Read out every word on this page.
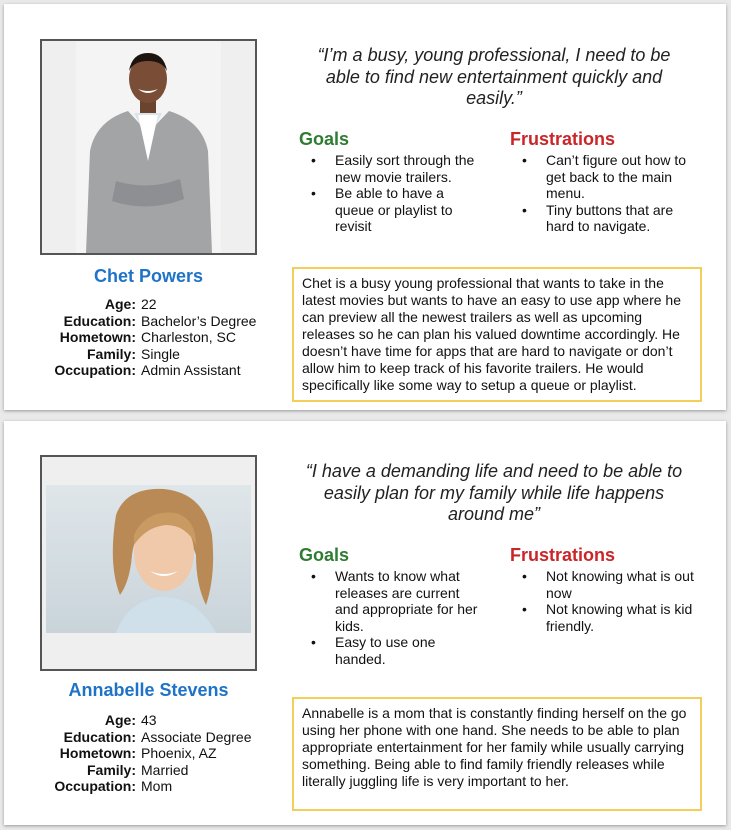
Chet Powers
Age: 22
Education: Bachelor’s Degree
Hometown: Charleston, SC
Family: Single
Occupation: Admin Assistant
“I’m a busy, young professional, I need to be able to find new entertainment quickly and easily.”
Goals
• Easily sort through the new movie trailers.
• Be able to have a queue or playlist to revisit
Frustrations
• Can’t figure out how to get back to the main menu.
• Tiny buttons that are hard to navigate.
Chet is a busy young professional that wants to take in the latest movies but wants to have an easy to use app where he can preview all the newest trailers as well as upcoming releases so he can plan his valued downtime accordingly. He doesn’t have time for apps that are hard to navigate or don’t allow him to keep track of his favorite trailers. He would specifically like some way to setup a queue or playlist.
Annabelle Stevens
Age: 43
Education: Associate Degree
Hometown: Phoenix, AZ
Family: Married
Occupation: Mom
“I have a demanding life and need to be able to easily plan for my family while life happens around me”
Goals
• Wants to know what releases are current and appropriate for her kids.
• Easy to use one handed.
Frustrations
• Not knowing what is out now
• Not knowing what is kid friendly.
Annabelle is a mom that is constantly finding herself on the go using her phone with one hand. She needs to be able to plan appropriate entertainment for her family while usually carrying something. Being able to find family friendly releases while literally juggling life is very important to her.
